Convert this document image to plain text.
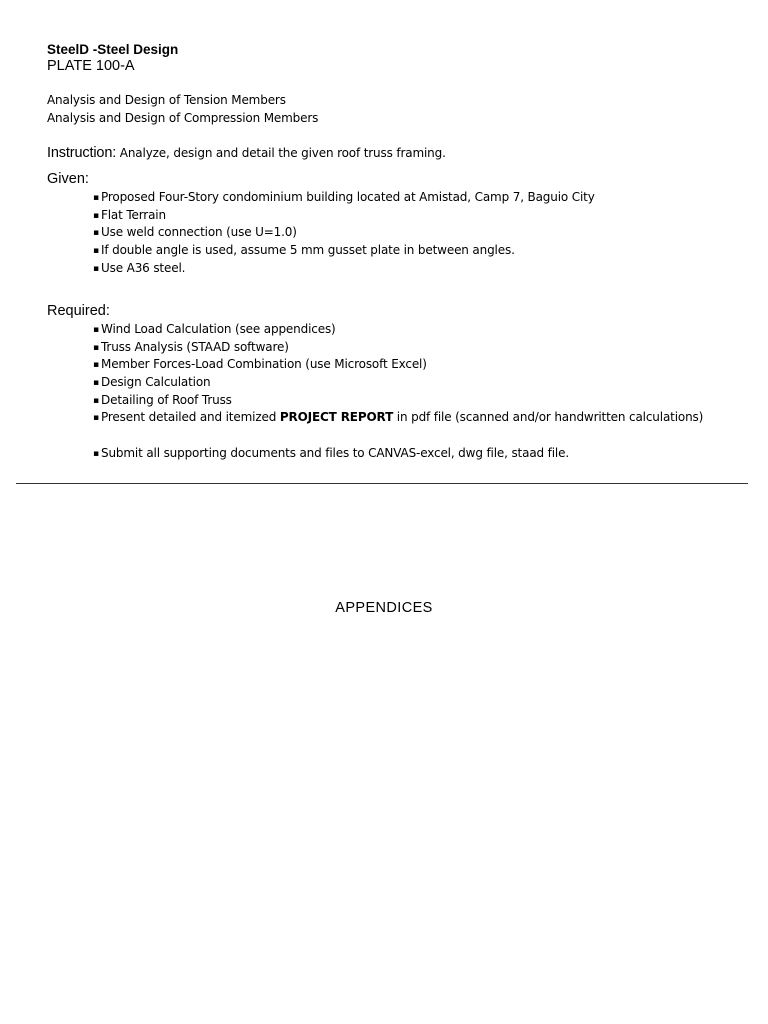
SteelD -Steel Design
PLATE 100-A
Analysis and Design of Tension Members
Analysis and Design of Compression Members
Instruction: Analyze, design and detail the given roof truss framing.
Given:
▪ Proposed Four-Story condominium building located at Amistad, Camp 7, Baguio City
▪ Flat Terrain
▪ Use weld connection (use U=1.0)
▪ If double angle is used, assume 5 mm gusset plate in between angles.
▪ Use A36 steel.
Required:
▪ Wind Load Calculation (see appendices)
▪ Truss Analysis (STAAD software)
▪ Member Forces-Load Combination (use Microsoft Excel)
▪ Design Calculation
▪ Detailing of Roof Truss
▪ Present detailed and itemized PROJECT REPORT in pdf file (scanned and/or handwritten calculations)
▪ Submit all supporting documents and files to CANVAS-excel, dwg file, staad file.
APPENDICES
